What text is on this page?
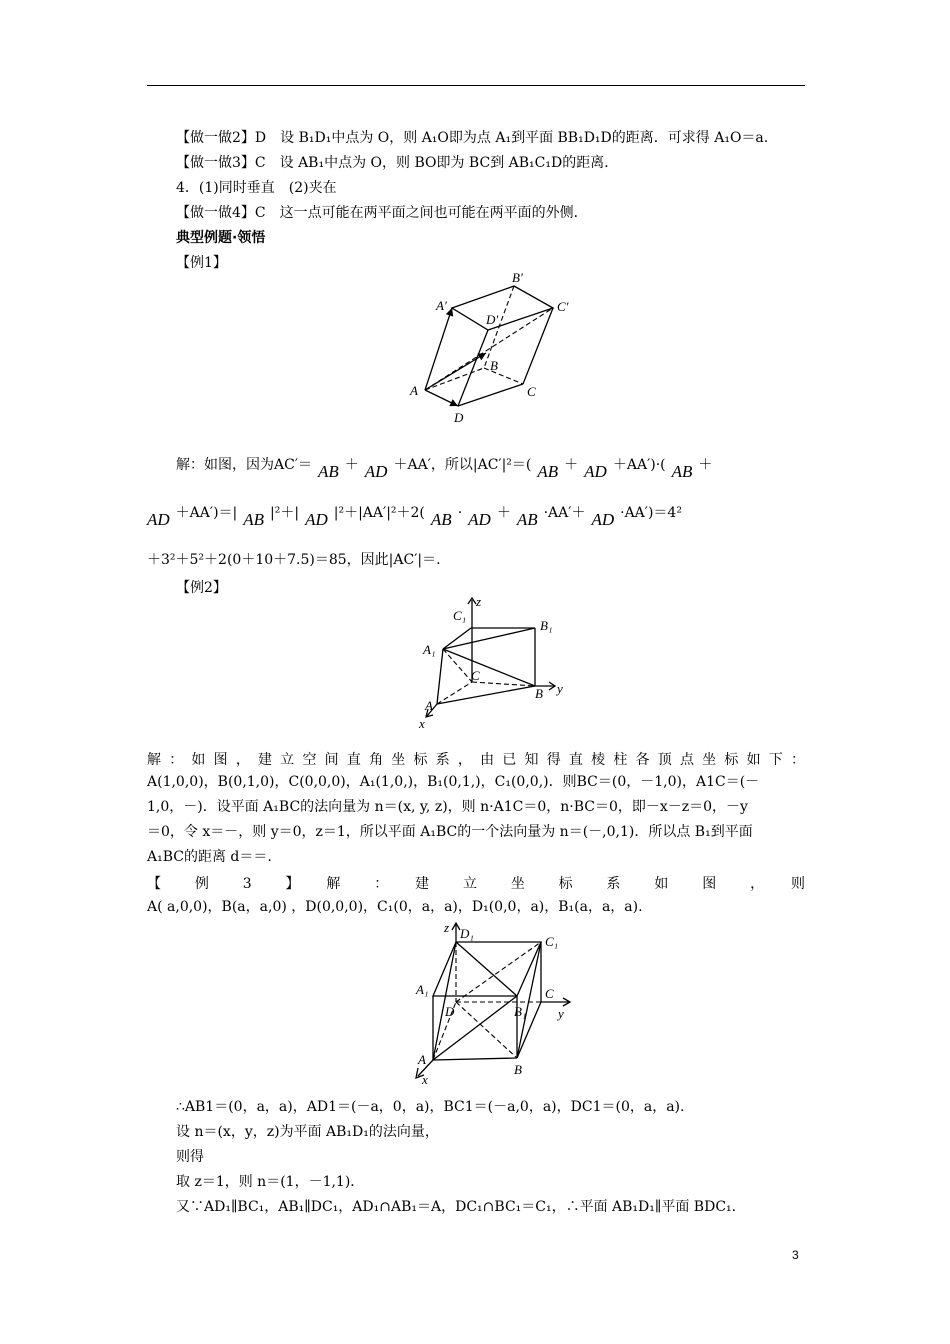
【做一做2】D　设 B₁D₁中点为 O，则 A₁O即为点 A₁到平面 BB₁D₁D的距离．可求得 A₁O＝a.
【做一做3】C　设 AB₁中点为 O，则 BO即为 BC到 AB₁C₁D的距离．
4．(1)同时垂直　(2)夹在
【做一做4】C　这一点可能在两平面之间也可能在两平面的外侧．
典型例题·领悟
【例1】
B′
A′	C′
D′
B
A	C
D
解：如图，因为AC′＝ AB ＋ AD ＋AA′，所以|AC′|²＝( AB ＋ AD ＋AA′)·( AB ＋
AD ＋AA′)＝| AB |²＋| AD |²＋|AA′|²＋2( AB · AD ＋ AB ·AA′＋ AD ·AA′)＝4²
＋3²＋5²＋2(0＋10＋7.5)＝85，因此|AC′|＝.
【例2】
z
C₁
B₁
A₁
C
B y
A
x
解：如图，建立空间直角坐标系，由已知得直棱柱各顶点坐标如下：
A(1,0,0)，B(0,1,0)，C(0,0,0)，A₁(1,0,)，B₁(0,1,)，C₁(0,0,)．则BC＝(0，－1,0)，A1C＝(－
1,0，－)．设平面 A₁BC的法向量为 n＝(x, y, z)，则 n·A1C＝0，n·BC＝0，即－x－z＝0，－y
＝0，令 x＝－，则 y＝0，z＝1，所以平面 A₁BC的一个法向量为 n＝(－,0,1)．所以点 B₁到平面
A₁BC的距离 d＝＝.
【　例　3　】　解　：　建　立　坐　标　系　如　图　，　则
A( a,0,0)，B(a，a,0) ，D(0,0,0)，C₁(0，a，a)，D₁(0,0，a)，B₁(a，a，a).
z D₁
C₁
A₁
B₁
D
C
y
A
B
x
∴AB1＝(0，a，a)，AD1＝(－a，0，a)，BC1＝(－a,0，a)，DC1＝(0，a，a).
设 n＝(x，y，z)为平面 AB₁D₁的法向量，
则得
取 z＝1，则 n＝(1，－1,1)．
又∵AD₁∥BC₁，AB₁∥DC₁，AD₁∩AB₁＝A，DC₁∩BC₁＝C₁，∴平面 AB₁D₁∥平面 BDC₁.
3
